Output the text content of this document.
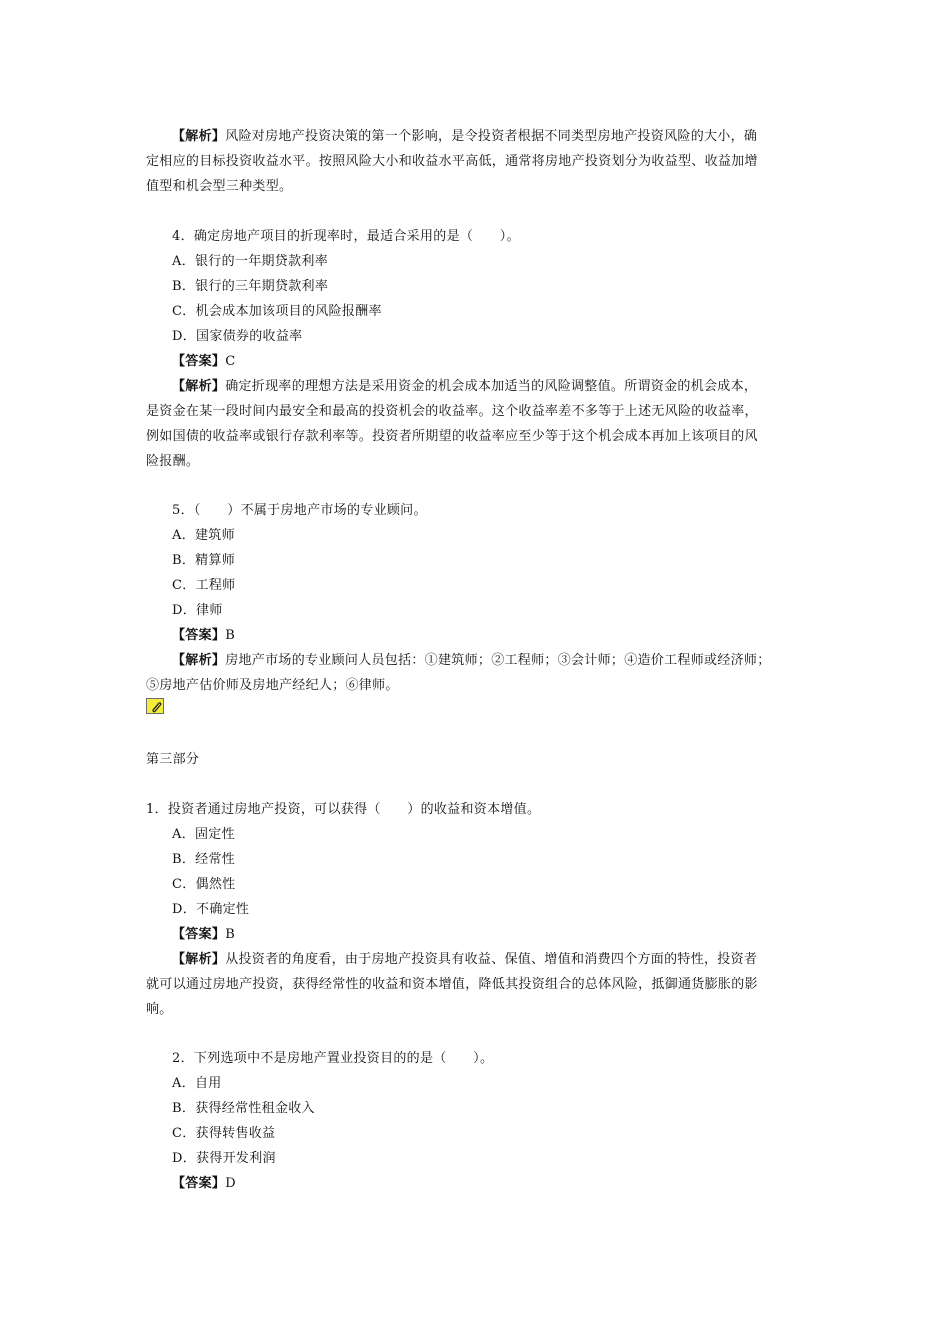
【解析】风险对房地产投资决策的第一个影响，是令投资者根据不同类型房地产投资风险的大小，确
定相应的目标投资收益水平。按照风险大小和收益水平高低，通常将房地产投资划分为收益型、收益加增
值型和机会型三种类型。
4．确定房地产项目的折现率时，最适合采用的是（　　）。
A．银行的一年期贷款利率
B．银行的三年期贷款利率
C．机会成本加该项目的风险报酬率
D．国家债券的收益率
【答案】C
【解析】确定折现率的理想方法是采用资金的机会成本加适当的风险调整值。所谓资金的机会成本，
是资金在某一段时间内最安全和最高的投资机会的收益率。这个收益率差不多等于上述无风险的收益率，
例如国债的收益率或银行存款利率等。投资者所期望的收益率应至少等于这个机会成本再加上该项目的风
险报酬。
5．（　　）不属于房地产市场的专业顾问。
A．建筑师
B．精算师
C．工程师
D．律师
【答案】B
【解析】房地产市场的专业顾问人员包括：①建筑师；②工程师；③会计师；④造价工程师或经济师；
⑤房地产估价师及房地产经纪人；⑥律师。
第三部分
1．投资者通过房地产投资，可以获得（　　）的收益和资本增值。
A．固定性
B．经常性
C．偶然性
D．不确定性
【答案】B
【解析】从投资者的角度看，由于房地产投资具有收益、保值、增值和消费四个方面的特性，投资者
就可以通过房地产投资，获得经常性的收益和资本增值，降低其投资组合的总体风险，抵御通货膨胀的影
响。
2．下列选项中不是房地产置业投资目的的是（　　）。
A．自用
B．获得经常性租金收入
C．获得转售收益
D．获得开发利润
【答案】D
